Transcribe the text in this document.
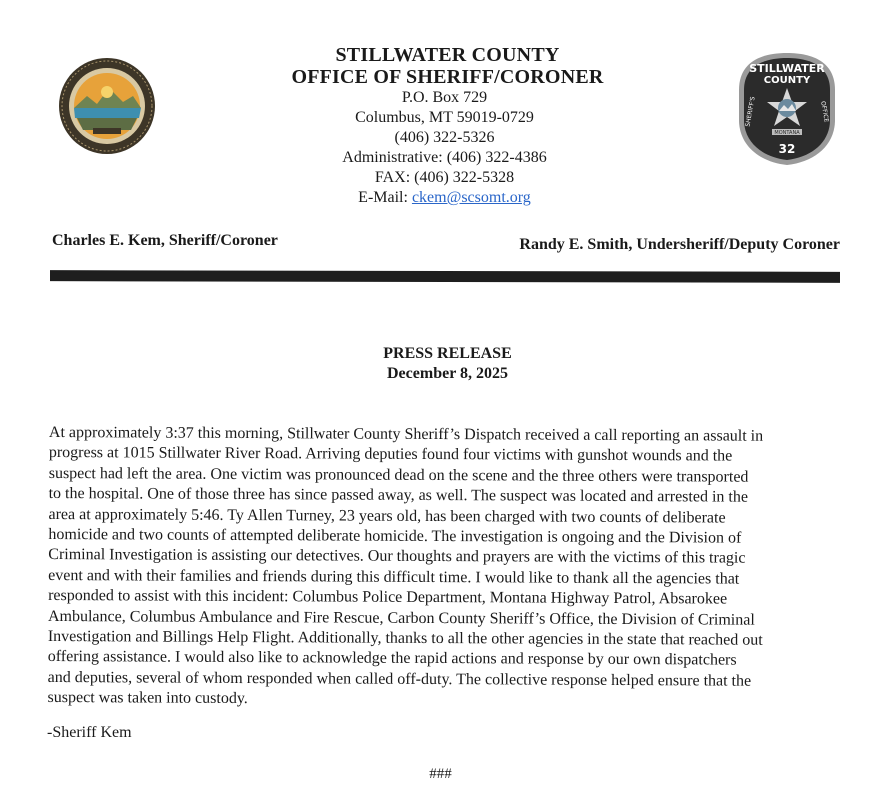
STILLWATER
COUNTY
SHERIFF'S	OFFICE
MONTANA
32
STILLWATER COUNTY
OFFICE OF SHERIFF/CORONER
P.O. Box 729
Columbus, MT 59019-0729
(406) 322-5326
Administrative: (406) 322-4386
FAX: (406) 322-5328
E-Mail: ckem@scsomt.org
Charles E. Kem, Sheriff/Coroner	Randy E. Smith, Undersheriff/Deputy Coroner
PRESS RELEASE
December 8, 2025
At approximately 3:37 this morning, Stillwater County Sheriff’s Dispatch received a call reporting an assault in
progress at 1015 Stillwater River Road. Arriving deputies found four victims with gunshot wounds and the
suspect had left the area. One victim was pronounced dead on the scene and the three others were transported
to the hospital. One of those three has since passed away, as well. The suspect was located and arrested in the
area at approximately 5:46. Ty Allen Turney, 23 years old, has been charged with two counts of deliberate
homicide and two counts of attempted deliberate homicide. The investigation is ongoing and the Division of
Criminal Investigation is assisting our detectives. Our thoughts and prayers are with the victims of this tragic
event and with their families and friends during this difficult time. I would like to thank all the agencies that
responded to assist with this incident: Columbus Police Department, Montana Highway Patrol, Absarokee
Ambulance, Columbus Ambulance and Fire Rescue, Carbon County Sheriff’s Office, the Division of Criminal
Investigation and Billings Help Flight. Additionally, thanks to all the other agencies in the state that reached out
offering assistance. I would also like to acknowledge the rapid actions and response by our own dispatchers
and deputies, several of whom responded when called off-duty. The collective response helped ensure that the
suspect was taken into custody.
-Sheriff Kem
###
